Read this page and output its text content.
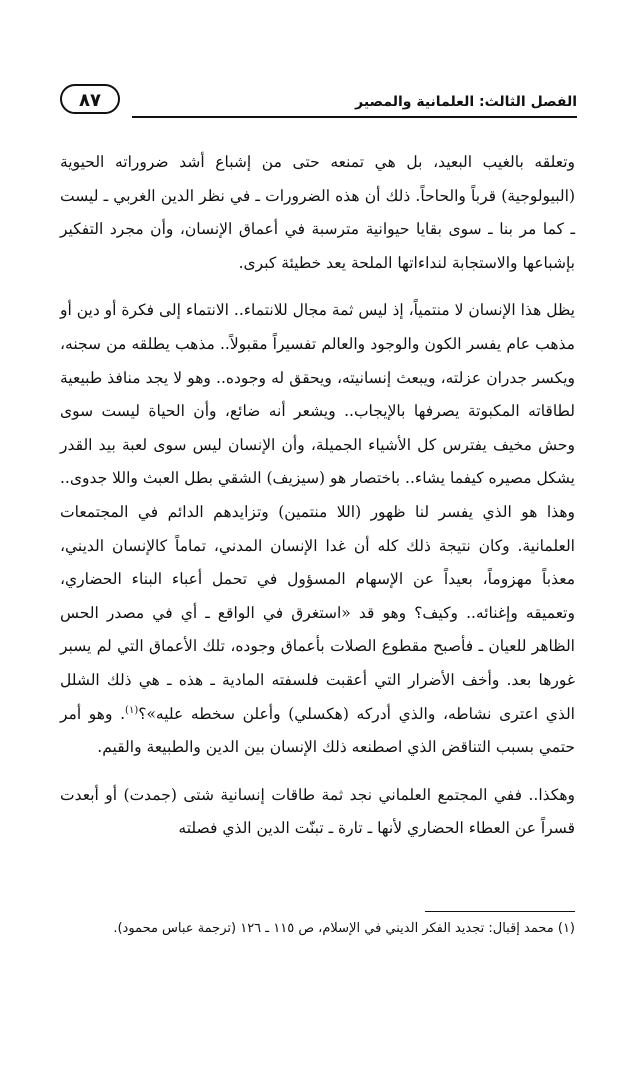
الفصل الثالث: العلمانية والمصير
٨٧

وتعلقه بالغيب البعيد، بل هي تمنعه حتى من إشباع أشد ضروراته الحيوية (البيولوجية) قرباً والحاحاً. ذلك أن هذه الضرورات ـ في نظر الدين الغربي ـ ليست ـ كما مر بنا ـ سوى بقايا حيوانية مترسبة في أعماق الإنسان، وأن مجرد التفكير بإشباعها والاستجابة لنداءاتها الملحة يعد خطيئة كبرى.

يظل هذا الإنسان لا منتمياً، إذ ليس ثمة مجال للانتماء.. الانتماء إلى فكرة أو دين أو مذهب عام يفسر الكون والوجود والعالم تفسيراً مقبولاً.. مذهب يطلقه من سجنه، ويكسر جدران عزلته، ويبعث إنسانيته، ويحقق له وجوده.. وهو لا يجد منافذ طبيعية لطاقاته المكبوتة يصرفها بالإيجاب.. ويشعر أنه ضائع، وأن الحياة ليست سوى وحش مخيف يفترس كل الأشياء الجميلة، وأن الإنسان ليس سوى لعبة بيد القدر يشكل مصيره كيفما يشاء.. باختصار هو (سيزيف) الشقي بطل العبث واللا جدوى.. وهذا هو الذي يفسر لنا ظهور (اللا منتمين) وتزايدهم الدائم في المجتمعات العلمانية. وكان نتيجة ذلك كله أن غدا الإنسان المدني، تماماً كالإنسان الديني، معذباً مهزوماً، بعيداً عن الإسهام المسؤول في تحمل أعباء البناء الحضاري، وتعميقه وإغنائه.. وكيف؟ وهو قد «استغرق في الواقع ـ أي في مصدر الحس الظاهر للعيان ـ فأصبح مقطوع الصلات بأعماق وجوده، تلك الأعماق التي لم يسبر غورها بعد. وأخف الأضرار التي أعقبت فلسفته المادية ـ هذه ـ هي ذلك الشلل الذي اعترى نشاطه، والذي أدركه (هكسلي) وأعلن سخطه عليه»؟$^{(١)}$. وهو أمر حتمي بسبب التناقض الذي اصطنعه ذلك الإنسان بين الدين والطبيعة والقيم.

وهكذا.. ففي المجتمع العلماني نجد ثمة طاقات إنسانية شتى (جمدت) أو أبعدت قسراً عن العطاء الحضاري لأنها ـ تارة ـ تبنّت الدين الذي فصلته

(١) محمد إقبال: تجديد الفكر الديني في الإسلام، ص ١١٥ ـ ١٢٦ (ترجمة عباس محمود).
